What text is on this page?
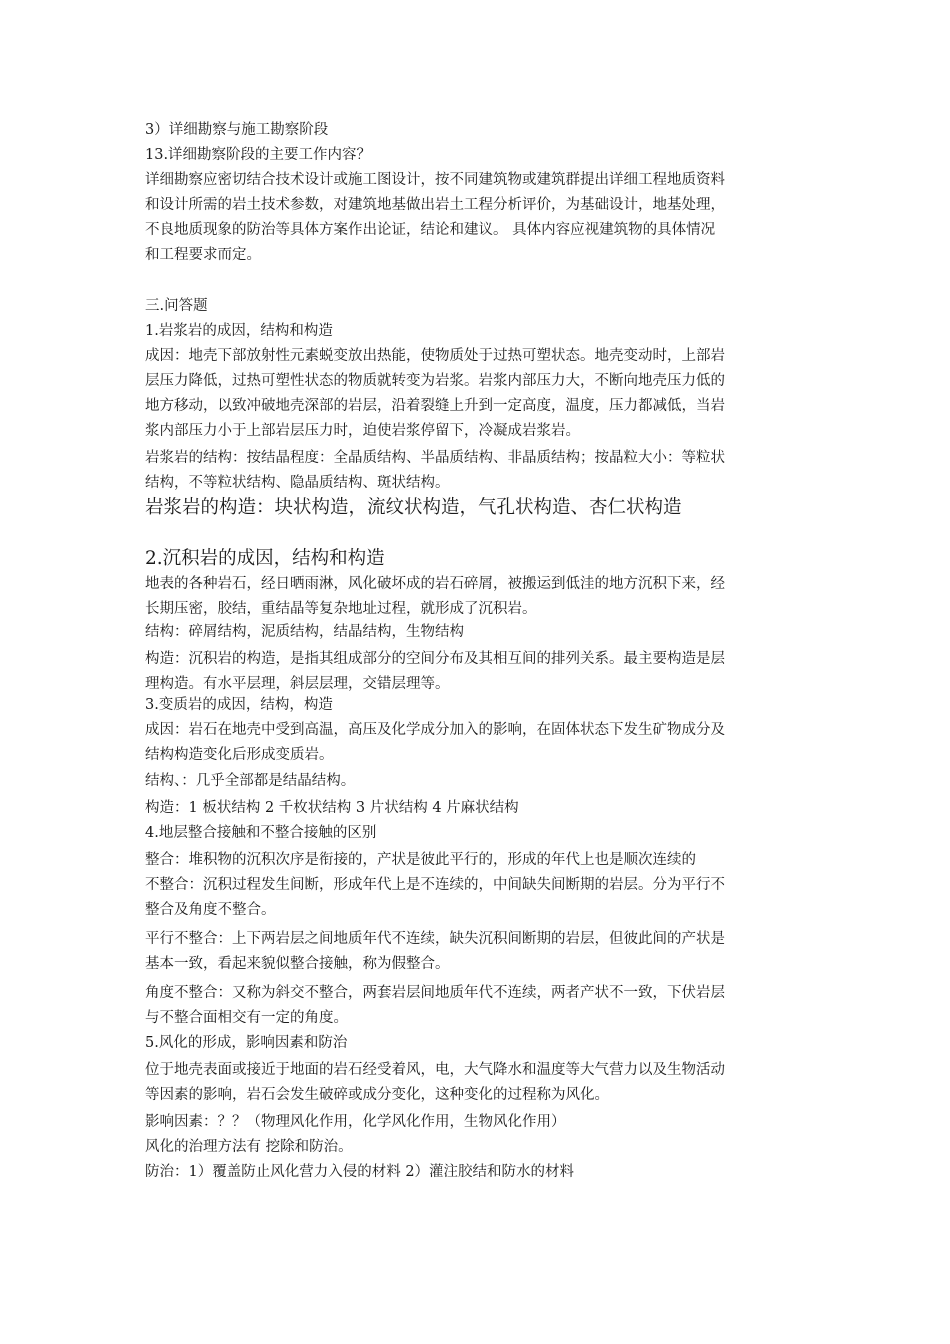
3）详细勘察与施工勘察阶段
13.详细勘察阶段的主要工作内容？
详细勘察应密切结合技术设计或施工图设计，按不同建筑物或建筑群提出详细工程地质资料
和设计所需的岩土技术参数，对建筑地基做出岩土工程分析评价，为基础设计，地基处理，
不良地质现象的防治等具体方案作出论证，结论和建议。 具体内容应视建筑物的具体情况
和工程要求而定。
三.问答题
1.岩浆岩的成因，结构和构造
成因：地壳下部放射性元素蜕变放出热能，使物质处于过热可塑状态。地壳变动时，上部岩
层压力降低，过热可塑性状态的物质就转变为岩浆。岩浆内部压力大，不断向地壳压力低的
地方移动，以致冲破地壳深部的岩层，沿着裂缝上升到一定高度，温度，压力都减低，当岩
浆内部压力小于上部岩层压力时，迫使岩浆停留下，冷凝成岩浆岩。
岩浆岩的结构：按结晶程度：全晶质结构、半晶质结构、非晶质结构；按晶粒大小：等粒状
结构，不等粒状结构、隐晶质结构、斑状结构。
岩浆岩的构造：块状构造，流纹状构造，气孔状构造、杏仁状构造
2.沉积岩的成因，结构和构造
地表的各种岩石，经日晒雨淋，风化破坏成的岩石碎屑，被搬运到低洼的地方沉积下来，经
长期压密，胶结，重结晶等复杂地址过程，就形成了沉积岩。
结构：碎屑结构，泥质结构，结晶结构，生物结构
构造：沉积岩的构造，是指其组成部分的空间分布及其相互间的排列关系。最主要构造是层
理构造。有水平层理，斜层层理，交错层理等。
3.变质岩的成因，结构，构造
成因：岩石在地壳中受到高温，高压及化学成分加入的影响，在固体状态下发生矿物成分及
结构构造变化后形成变质岩。
结构、：几乎全部都是结晶结构。
构造：1 板状结构 2 千枚状结构 3 片状结构 4 片麻状结构
4.地层整合接触和不整合接触的区别
整合：堆积物的沉积次序是衔接的，产状是彼此平行的，形成的年代上也是顺次连续的
不整合：沉积过程发生间断，形成年代上是不连续的，中间缺失间断期的岩层。分为平行不
整合及角度不整合。
平行不整合：上下两岩层之间地质年代不连续，缺失沉积间断期的岩层，但彼此间的产状是
基本一致，看起来貌似整合接触，称为假整合。
角度不整合：又称为斜交不整合，两套岩层间地质年代不连续，两者产状不一致，下伏岩层
与不整合面相交有一定的角度。
5.风化的形成，影响因素和防治
位于地壳表面或接近于地面的岩石经受着风，电，大气降水和温度等大气营力以及生物活动
等因素的影响，岩石会发生破碎或成分变化，这种变化的过程称为风化。
影响因素：？？（物理风化作用，化学风化作用，生物风化作用）
风化的治理方法有 挖除和防治。
防治：1）覆盖防止风化营力入侵的材料 2）灌注胶结和防水的材料
